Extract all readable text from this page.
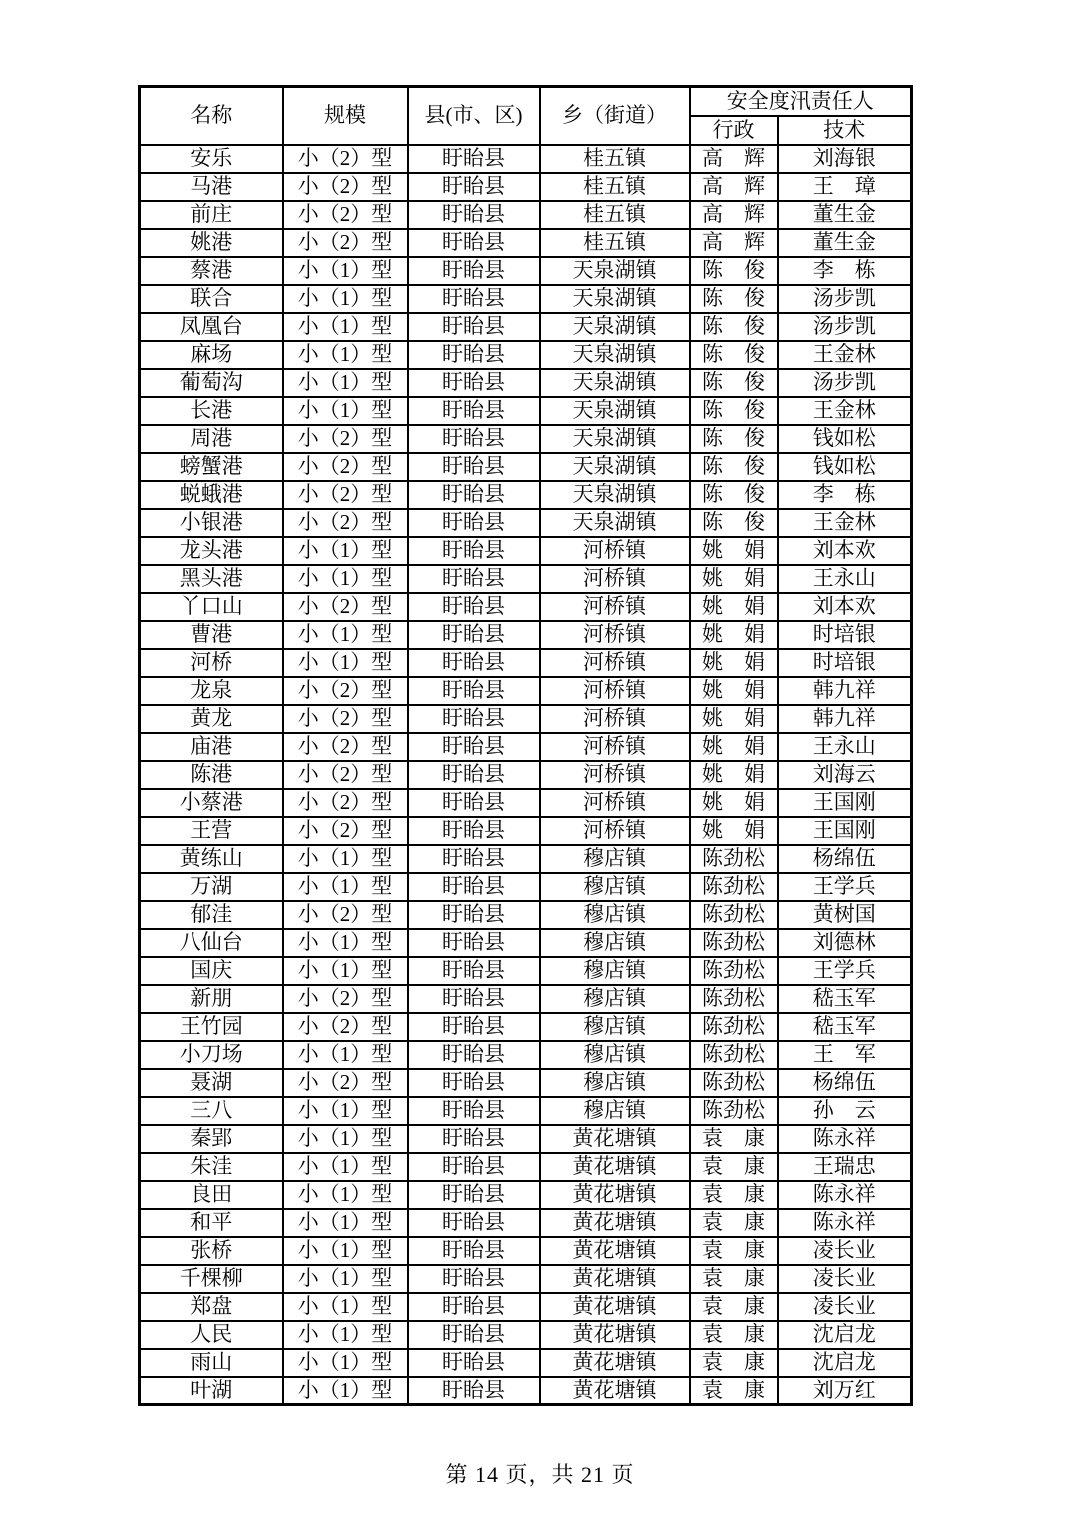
名称	规模	县(市、区)	乡（街道）	安全度汛责任人	
				行政	技术
安乐	小（2）型	盱眙县	桂五镇	高　辉	刘海银
马港	小（2）型	盱眙县	桂五镇	高　辉	王　璋
前庄	小（2）型	盱眙县	桂五镇	高　辉	董生金
姚港	小（2）型	盱眙县	桂五镇	高　辉	董生金
蔡港	小（1）型	盱眙县	天泉湖镇	陈　俊	李　栋
联合	小（1）型	盱眙县	天泉湖镇	陈　俊	汤步凯
凤凰台	小（1）型	盱眙县	天泉湖镇	陈　俊	汤步凯
麻场	小（1）型	盱眙县	天泉湖镇	陈　俊	王金林
葡萄沟	小（1）型	盱眙县	天泉湖镇	陈　俊	汤步凯
长港	小（1）型	盱眙县	天泉湖镇	陈　俊	王金林
周港	小（2）型	盱眙县	天泉湖镇	陈　俊	钱如松
螃蟹港	小（2）型	盱眙县	天泉湖镇	陈　俊	钱如松
蜕蛾港	小（2）型	盱眙县	天泉湖镇	陈　俊	李　栋
小银港	小（2）型	盱眙县	天泉湖镇	陈　俊	王金林
龙头港	小（1）型	盱眙县	河桥镇	姚　娟	刘本欢
黑头港	小（1）型	盱眙县	河桥镇	姚　娟	王永山
丫口山	小（2）型	盱眙县	河桥镇	姚　娟	刘本欢
曹港	小（1）型	盱眙县	河桥镇	姚　娟	时培银
河桥	小（1）型	盱眙县	河桥镇	姚　娟	时培银
龙泉	小（2）型	盱眙县	河桥镇	姚　娟	韩九祥
黄龙	小（2）型	盱眙县	河桥镇	姚　娟	韩九祥
庙港	小（2）型	盱眙县	河桥镇	姚　娟	王永山
陈港	小（2）型	盱眙县	河桥镇	姚　娟	刘海云
小蔡港	小（2）型	盱眙县	河桥镇	姚　娟	王国刚
王营	小（2）型	盱眙县	河桥镇	姚　娟	王国刚
黄练山	小（1）型	盱眙县	穆店镇	陈劲松	杨绵伍
万湖	小（1）型	盱眙县	穆店镇	陈劲松	王学兵
郁洼	小（2）型	盱眙县	穆店镇	陈劲松	黄树国
八仙台	小（1）型	盱眙县	穆店镇	陈劲松	刘德林
国庆	小（1）型	盱眙县	穆店镇	陈劲松	王学兵
新朋	小（2）型	盱眙县	穆店镇	陈劲松	嵇玉军
王竹园	小（2）型	盱眙县	穆店镇	陈劲松	嵇玉军
小刀场	小（1）型	盱眙县	穆店镇	陈劲松	王　军
聂湖	小（2）型	盱眙县	穆店镇	陈劲松	杨绵伍
三八	小（1）型	盱眙县	穆店镇	陈劲松	孙　云
秦郢	小（1）型	盱眙县	黄花塘镇	袁　康	陈永祥
朱洼	小（1）型	盱眙县	黄花塘镇	袁　康	王瑞忠
良田	小（1）型	盱眙县	黄花塘镇	袁　康	陈永祥
和平	小（1）型	盱眙县	黄花塘镇	袁　康	陈永祥
张桥	小（1）型	盱眙县	黄花塘镇	袁　康	凌长业
千棵柳	小（1）型	盱眙县	黄花塘镇	袁　康	凌长业
郑盘	小（1）型	盱眙县	黄花塘镇	袁　康	凌长业
人民	小（1）型	盱眙县	黄花塘镇	袁　康	沈启龙
雨山	小（1）型	盱眙县	黄花塘镇	袁　康	沈启龙
叶湖	小（1）型	盱眙县	黄花塘镇	袁　康	刘万红
第 14 页，共 21 页
